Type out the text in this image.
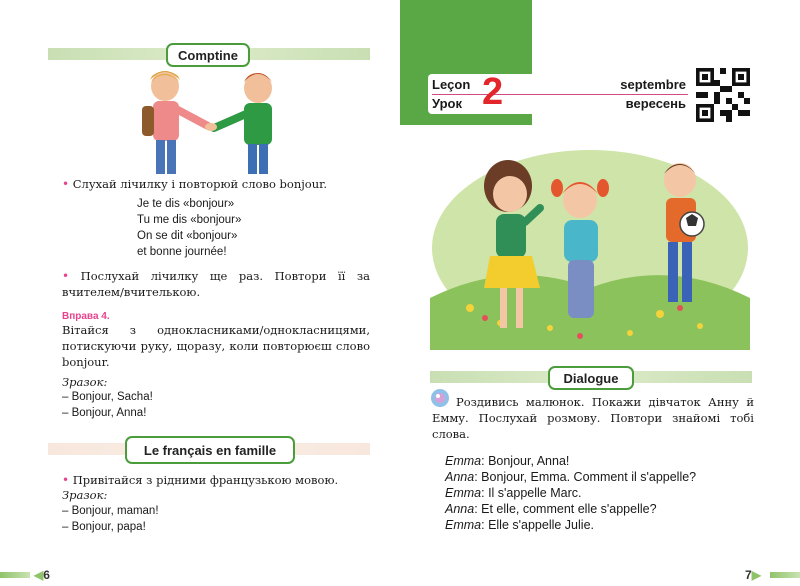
Comptine
• Слухай лічилку і повторюй слово bonjour.
Je te dis «bonjour»
Tu me dis «bonjour»
On se dit «bonjour»
et bonne journée!
• Послухай лічилку ще раз. Повтори її за вчителем/вчителькою.
Вправа 4.
Вітайся з однокласниками/однокласницями, потискуючи руку, щоразу, коли повторюєш слово bonjour.
Зразок:
– Bonjour, Sacha!
– Bonjour, Anna!
Le français en famille
• Привітайся з рідними французькою мовою.
Зразок:
– Bonjour, maman!
– Bonjour, papa!
◀6
Leçon
Урок 2	septembre
вересень
Dialogue
Роздивись малюнок. Покажи дівчаток Анну й Емму. Послухай розмову. Повтори знайомі тобі слова.
Emma: Bonjour, Anna!
Anna: Bonjour, Emma. Comment il s'appelle?
Emma: Il s'appelle Marc.
Anna: Et elle, comment elle s'appelle?
Emma: Elle s'appelle Julie.
7▶
